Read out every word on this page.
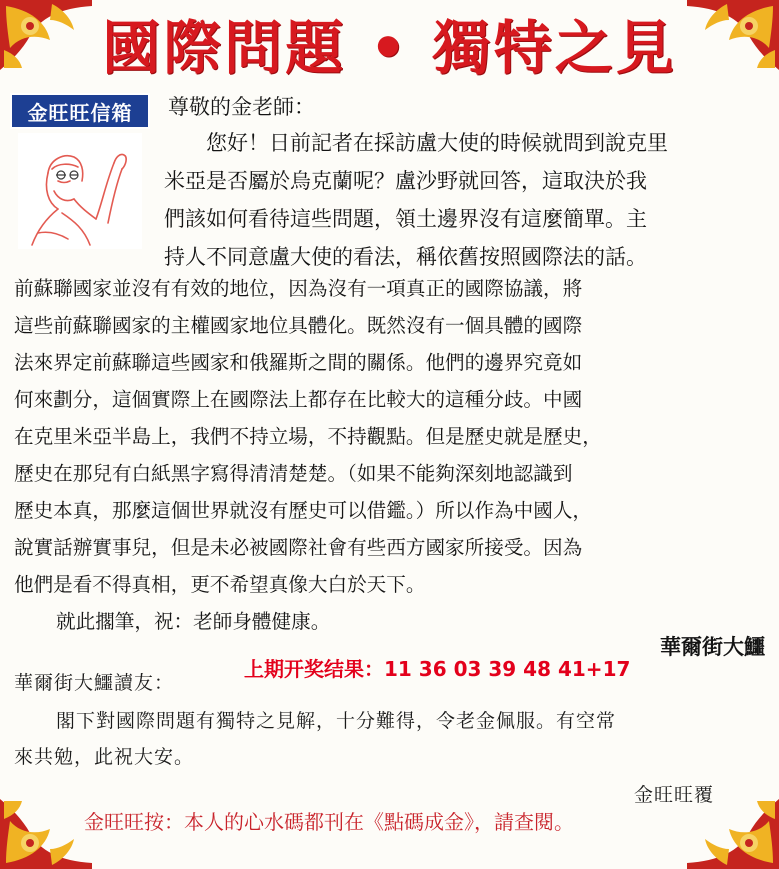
國際問題 • 獨特之見
金旺旺信箱	尊敬的金老師：
您好！日前記者在採訪盧大使的時候就問到說克里
米亞是否屬於烏克蘭呢？盧沙野就回答，這取決於我
們該如何看待這些問題，領土邊界沒有這麼簡單。主
持人不同意盧大使的看法，稱依舊按照國際法的話。
前蘇聯國家並沒有有效的地位，因為沒有一項真正的國際協議，將
這些前蘇聯國家的主權國家地位具體化。既然沒有一個具體的國際
法來界定前蘇聯這些國家和俄羅斯之間的關係。他們的邊界究竟如
何來劃分，這個實際上在國際法上都存在比較大的這種分歧。中國
在克里米亞半島上，我們不持立場，不持觀點。但是歷史就是歷史，
歷史在那兒有白紙黑字寫得清清楚楚。（如果不能夠深刻地認識到
歷史本真，那麼這個世界就沒有歷史可以借鑑。）所以作為中國人，
說實話辦實事兒，但是未必被國際社會有些西方國家所接受。因為
他們是看不得真相，更不希望真像大白於天下。
就此擱筆，祝：老師身體健康。
華爾街大鱷
上期开奖结果：11 36 03 39 48 41+17
華爾街大鱷讀友：
閣下對國際問題有獨特之見解，十分難得，令老金佩服。有空常
來共勉，此祝大安。
金旺旺覆
金旺旺按：本人的心水碼都刊在《點碼成金》，請查閱。
